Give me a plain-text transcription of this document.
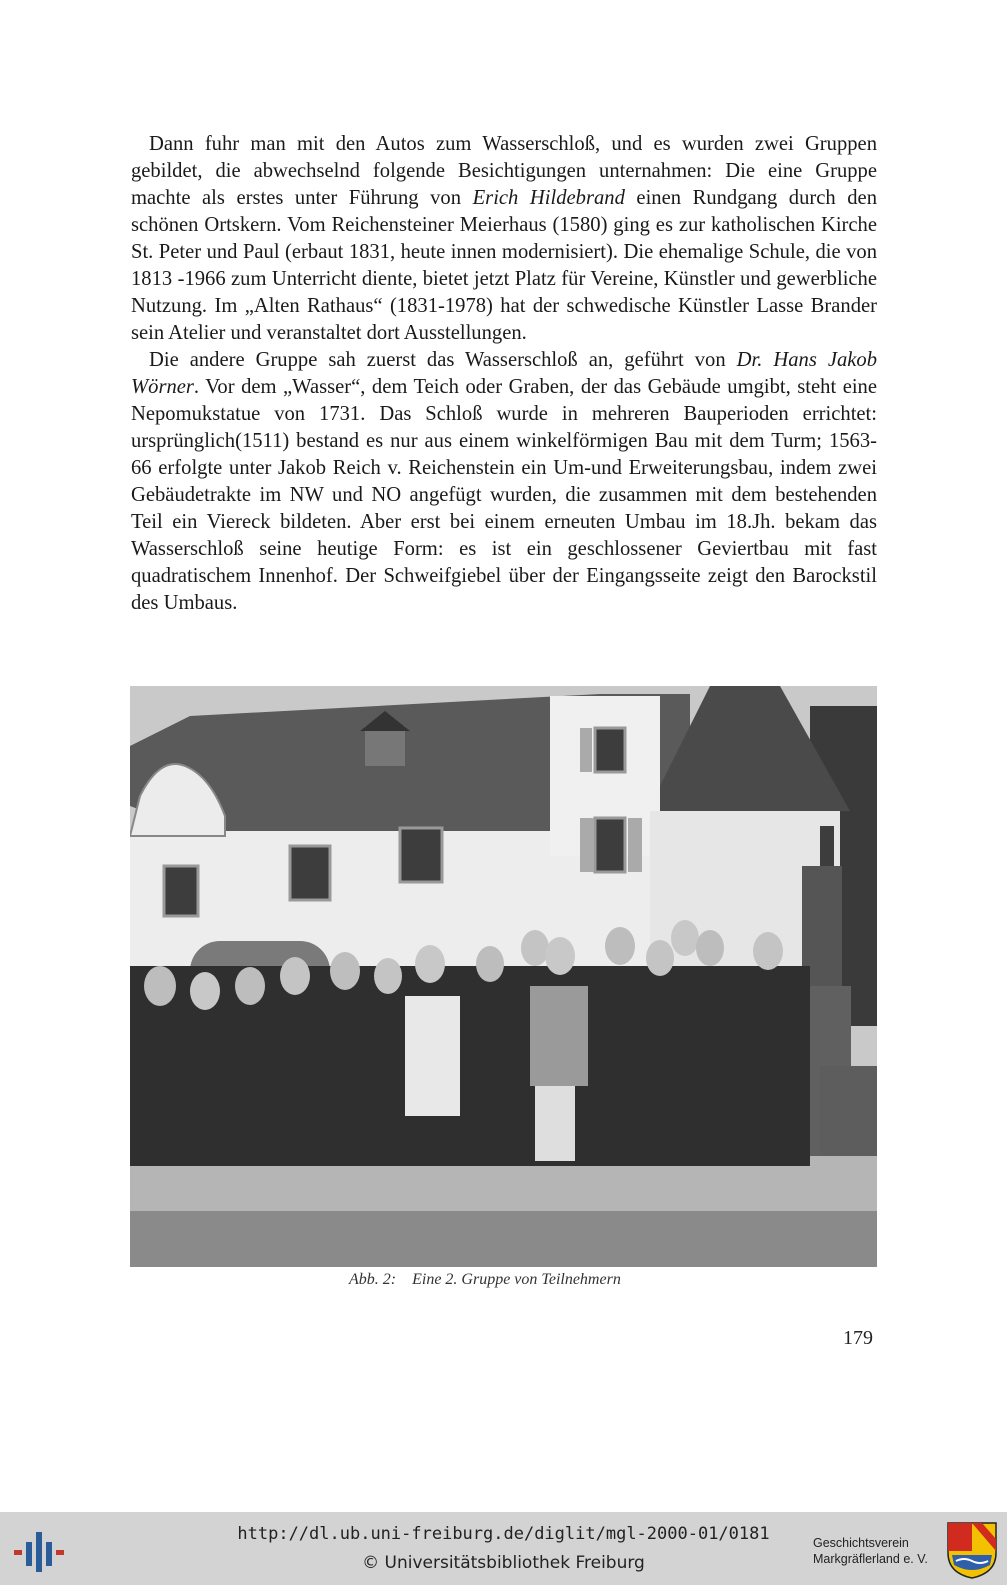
Dann fuhr man mit den Autos zum Wasserschloß, und es wurden zwei Gruppen gebildet, die abwechselnd folgende Besichtigungen unternahmen: Die eine Gruppe machte als erstes unter Führung von Erich Hildebrand einen Rundgang durch den schönen Ortskern. Vom Reichensteiner Meierhaus (1580) ging es zur katholischen Kirche St. Peter und Paul (erbaut 1831, heute innen modernisiert). Die ehemalige Schule, die von 1813 -1966 zum Unterricht diente, bietet jetzt Platz für Vereine, Künstler und gewerbliche Nutzung. Im „Alten Rathaus“ (1831-1978) hat der schwedische Künstler Lasse Brander sein Atelier und veranstaltet dort Ausstellungen.

Die andere Gruppe sah zuerst das Wasserschloß an, geführt von Dr. Hans Jakob Wörner. Vor dem „Wasser“, dem Teich oder Graben, der das Gebäude umgibt, steht eine Nepomukstatue von 1731. Das Schloß wurde in mehreren Bauperioden errichtet: ursprünglich(1511) bestand es nur aus einem winkelförmigen Bau mit dem Turm; 1563-66 erfolgte unter Jakob Reich v. Reichenstein ein Um-und Erweiterungsbau, indem zwei Gebäudetrakte im NW und NO angefügt wurden, die zusammen mit dem bestehenden Teil ein Viereck bildeten. Aber erst bei einem erneuten Umbau im 18.Jh. bekam das Wasserschloß seine heutige Form: es ist ein geschlossener Geviertbau mit fast quadratischem Innenhof. Der Schweifgiebel über der Eingangsseite zeigt den Barockstil des Umbaus.

Abb. 2:    Eine 2. Gruppe von Teilnehmern
179
http://dl.ub.uni-freiburg.de/diglit/mgl-2000-01/0181
© Universitätsbibliothek Freiburg
Geschichtsverein
Markgräflerland e. V.
